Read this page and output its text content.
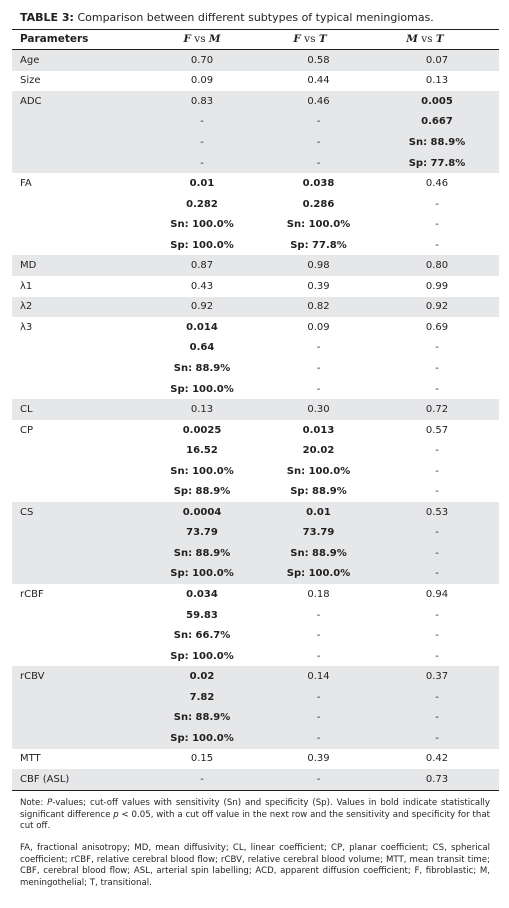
TABLE 3: Comparison between different subtypes of typical meningiomas.
Parameters	F vs M	F vs T	M vs T
Age	0.70	0.58	0.07
Size	0.09	0.44	0.13
ADC	0.83	0.46	0.005
	-	-	0.667
	-	-	Sn: 88.9%
	-	-	Sp: 77.8%
FA	0.01	0.038	0.46
	0.282	0.286	-
	Sn: 100.0%	Sn: 100.0%	-
	Sp: 100.0%	Sp: 77.8%	-
MD	0.87	0.98	0.80
λ1	0.43	0.39	0.99
λ2	0.92	0.82	0.92
λ3	0.014	0.09	0.69
	0.64	-	-
	Sn: 88.9%	-	-
	Sp: 100.0%	-	-
CL	0.13	0.30	0.72
CP	0.0025	0.013	0.57
	16.52	20.02	-
	Sn: 100.0%	Sn: 100.0%	-
	Sp: 88.9%	Sp: 88.9%	-
CS	0.0004	0.01	0.53
	73.79	73.79	-
	Sn: 88.9%	Sn: 88.9%	-
	Sp: 100.0%	Sp: 100.0%	-
rCBF	0.034	0.18	0.94
	59.83	-	-
	Sn: 66.7%	-	-
	Sp: 100.0%	-	-
rCBV	0.02	0.14	0.37
	7.82	-	-
	Sn: 88.9%	-	-
	Sp: 100.0%	-	-
MTT	0.15	0.39	0.42
CBF (ASL)	-	-	0.73
Note: P-values; cut-off values with sensitivity (Sn) and specificity (Sp). Values in bold indicate statistically significant difference p < 0.05, with a cut off value in the next row and the sensitivity and specificity for that cut off.
FA, fractional anisotropy; MD, mean diffusivity; CL, linear coefficient; CP, planar coefficient; CS, spherical coefficient; rCBF, relative cerebral blood flow; rCBV, relative cerebral blood volume; MTT, mean transit time; CBF, cerebral blood flow; ASL, arterial spin labelling; ACD, apparent diffusion coefficient; F, fibroblastic; M, meningothelial; T, transitional.
